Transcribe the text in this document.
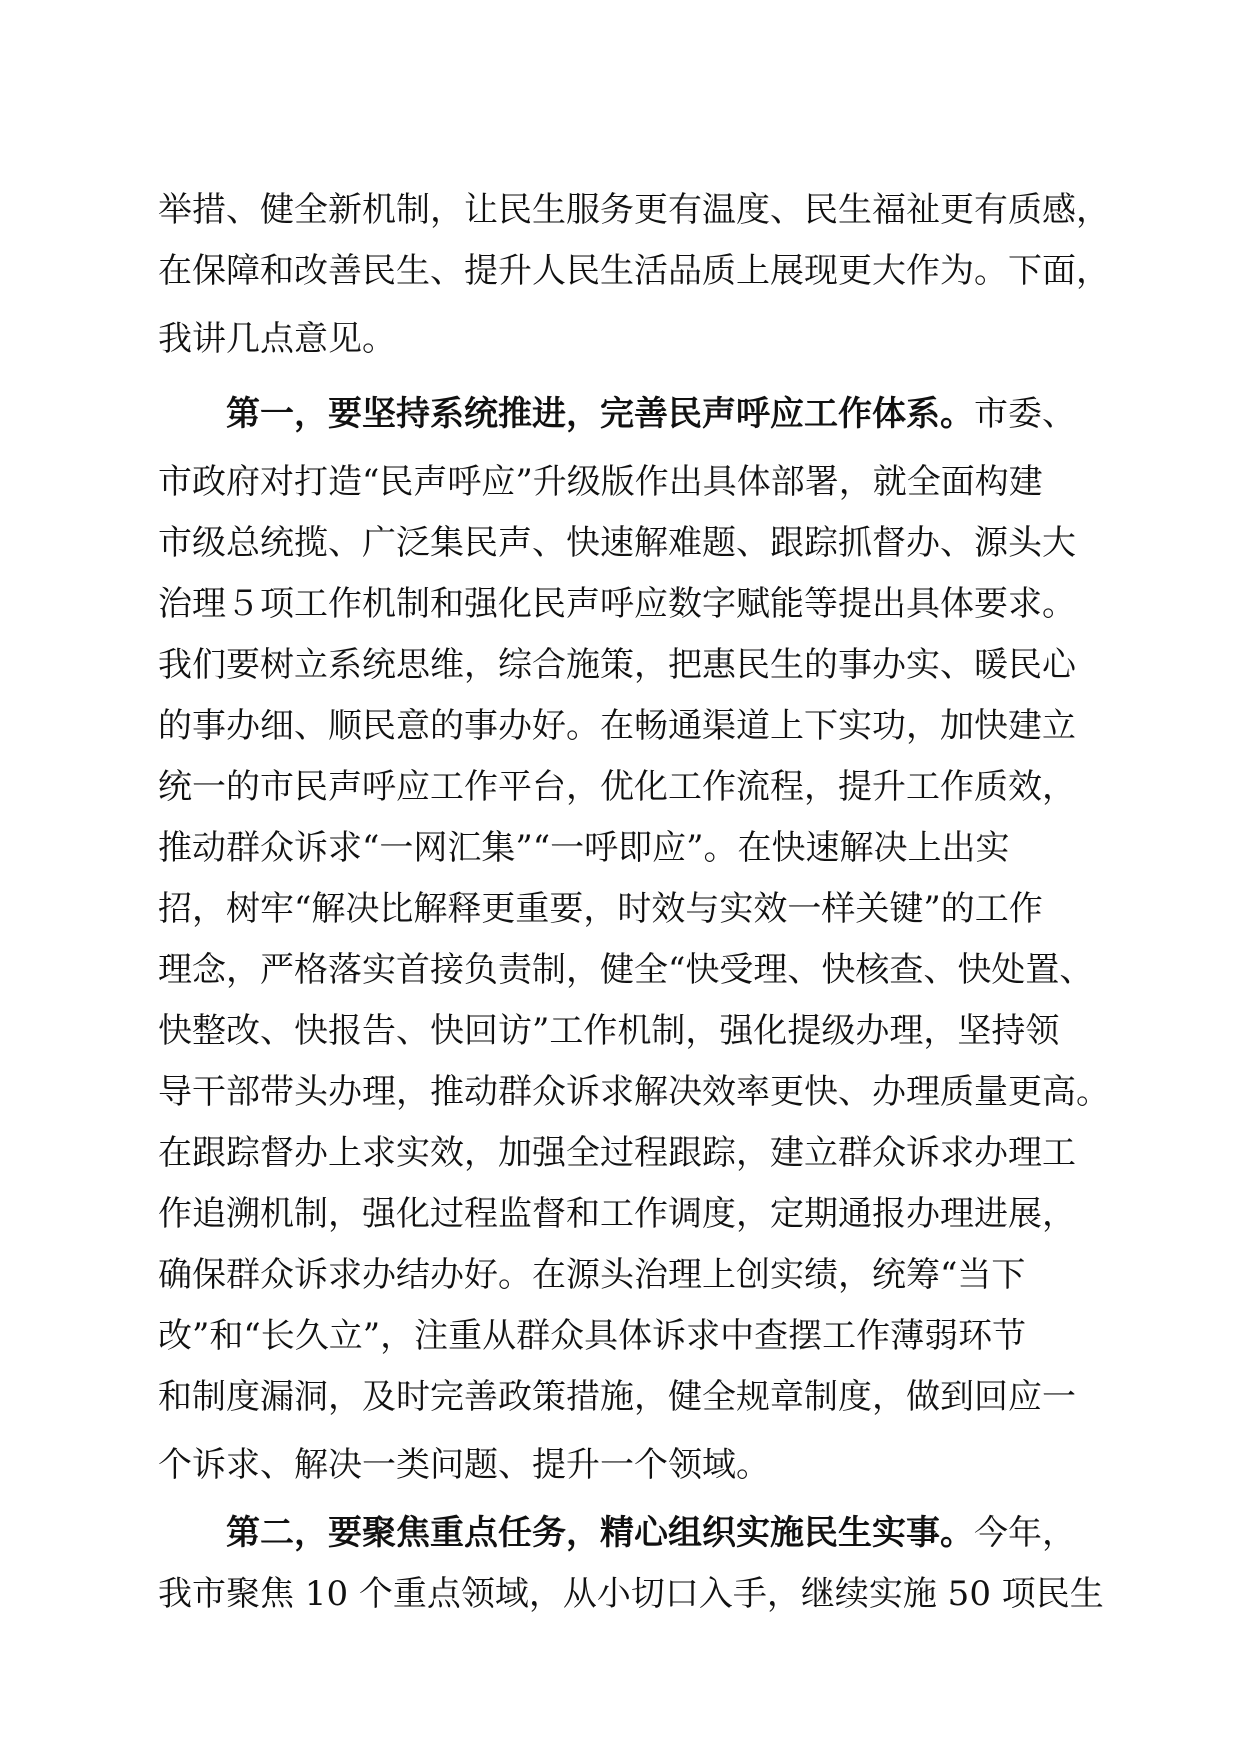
举措、健全新机制，让民生服务更有温度、民生福祉更有质感，
在保障和改善民生、提升人民生活品质上展现更大作为。下面，
我讲几点意见。
第一，要坚持系统推进，完善民声呼应工作体系。市委、
市政府对打造“民声呼应”升级版作出具体部署，就全面构建
市级总统揽、广泛集民声、快速解难题、跟踪抓督办、源头大
治理５项工作机制和强化民声呼应数字赋能等提出具体要求。
我们要树立系统思维，综合施策，把惠民生的事办实、暖民心
的事办细、顺民意的事办好。在畅通渠道上下实功，加快建立
统一的市民声呼应工作平台，优化工作流程，提升工作质效，
推动群众诉求“一网汇集”“一呼即应”。在快速解决上出实
招，树牢“解决比解释更重要，时效与实效一样关键”的工作
理念，严格落实首接负责制，健全“快受理、快核查、快处置、
快整改、快报告、快回访”工作机制，强化提级办理，坚持领
导干部带头办理，推动群众诉求解决效率更快、办理质量更高。
在跟踪督办上求实效，加强全过程跟踪，建立群众诉求办理工
作追溯机制，强化过程监督和工作调度，定期通报办理进展，
确保群众诉求办结办好。在源头治理上创实绩，统筹“当下
改”和“长久立”，注重从群众具体诉求中查摆工作薄弱环节
和制度漏洞，及时完善政策措施，健全规章制度，做到回应一
个诉求、解决一类问题、提升一个领域。
第二，要聚焦重点任务，精心组织实施民生实事。今年，
我市聚焦 10 个重点领域，从小切口入手，继续实施 50 项民生
